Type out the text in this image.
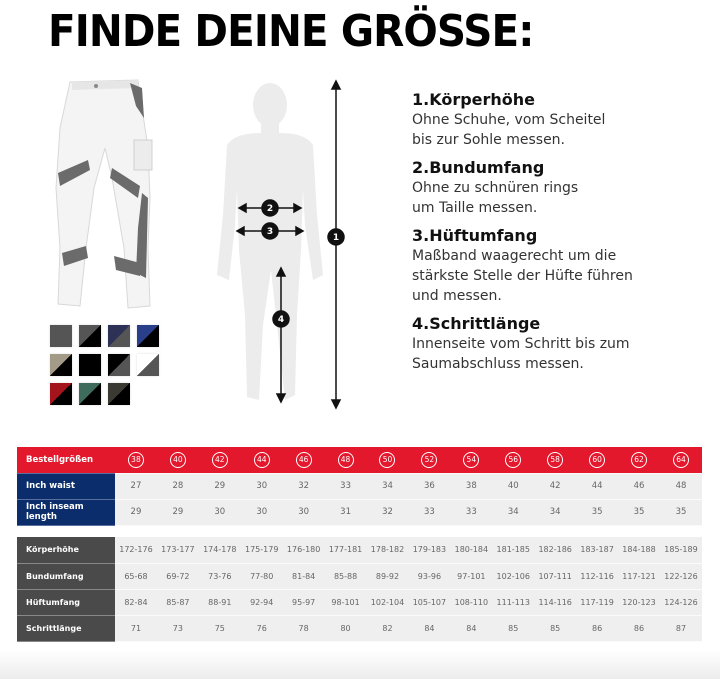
FINDE DEINE GRÖSSE:
1
2
3
4
1.Körperhöhe
Ohne Schuhe, vom Scheitel
bis zur Sohle messen.
2.Bundumfang
Ohne zu schnüren rings
um Taille messen.
3.Hüftumfang
Maßband waagerecht um die
stärkste Stelle der Hüfte führen
und messen.
4.Schrittlänge
Innenseite vom Schritt bis zum
Saumabschluss messen.
Bestellgrößen	38	40	42	44	46	48	50	52	54	56	58	60	62	64
Inch waist	27	28	29	30	32	33	34	36	38	40	42	44	46	48
Inch inseam length	29	29	30	30	30	31	32	33	33	34	34	35	35	35
Körperhöhe	172-176	173-177	174-178	175-179	176-180	177-181	178-182	179-183	180-184	181-185	182-186	183-187	184-188	185-189
Bundumfang	65-68	69-72	73-76	77-80	81-84	85-88	89-92	93-96	97-101	102-106	107-111	112-116	117-121	122-126
Hüftumfang	82-84	85-87	88-91	92-94	95-97	98-101	102-104	105-107	108-110	111-113	114-116	117-119	120-123	124-126
Schrittlänge	71	73	75	76	78	80	82	84	84	85	85	86	86	87
